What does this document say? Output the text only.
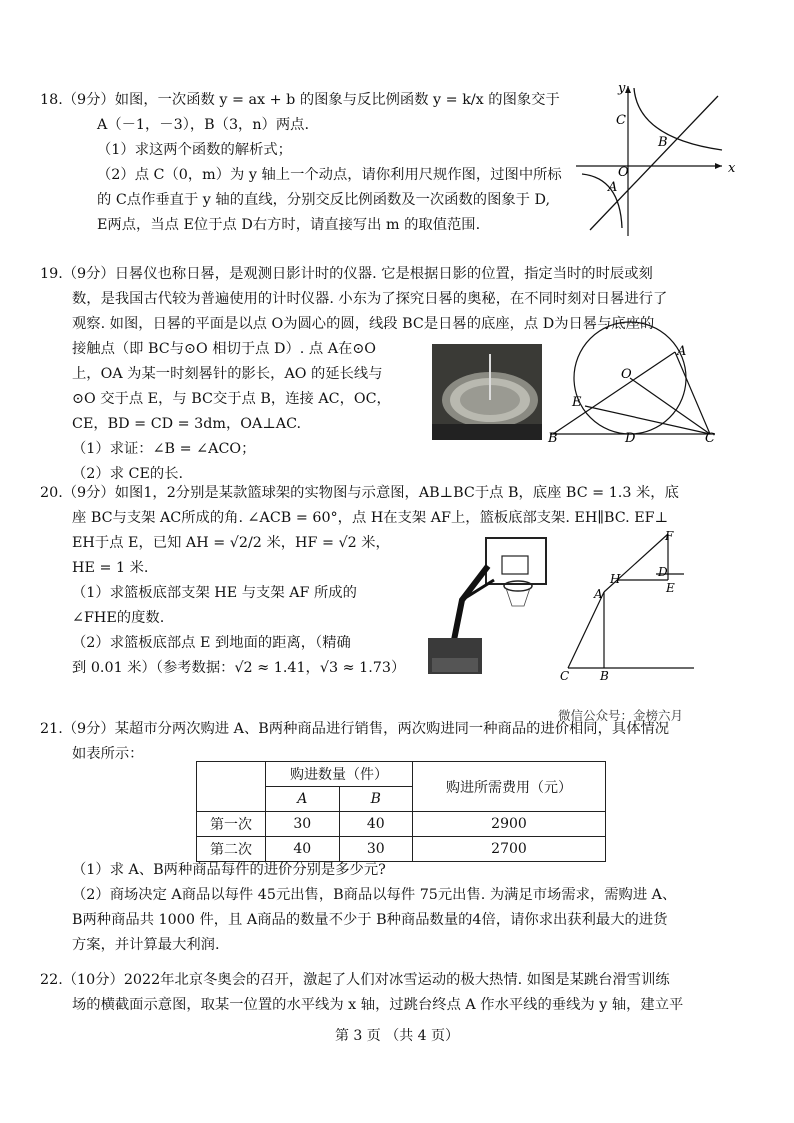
18.（9分）如图，一次函数 y = ax + b 的图象与反比例函数 y = k/x 的图象交于
A（－1，－3），B（3，n）两点.
（1）求这两个函数的解析式；
（2）点 C（0，m）为 y 轴上一个动点，请你利用尺规作图，过图中所标
的 C点作垂直于 y 轴的直线，分别交反比例函数及一次函数的图象于 D,
E两点，当点 E位于点 D右方时，请直接写出 m 的取值范围.
y
x
C
O
B
A
19.（9分）日晷仪也称日晷，是观测日影计时的仪器. 它是根据日影的位置，指定当时的时辰或刻
数，是我国古代较为普遍使用的计时仪器. 小东为了探究日晷的奥秘，在不同时刻对日晷进行了
观察. 如图，日晷的平面是以点 O为圆心的圆，线段 BC是日晷的底座，点 D为日晷与底座的
接触点（即 BC与⊙O 相切于点 D）. 点 A在⊙O
上，OA 为某一时刻晷针的影长，AO 的延长线与
⊙O 交于点 E，与 BC交于点 B，连接 AC，OC，
CE，BD = CD = 3dm，OA⊥AC.
（1）求证：∠B = ∠ACO；
（2）求 CE的长.
A
O
E
B	D	C
20.（9分）如图1，2分别是某款篮球架的实物图与示意图，AB⊥BC于点 B，底座 BC = 1.3 米，底
座 BC与支架 AC所成的角. ∠ACB = 60°，点 H在支架 AF上，篮板底部支架. EH∥BC. EF⊥
EH于点 E，已知 AH = √2/2 米，HF = √2 米，
HE = 1 米.
（1）求篮板底部支架 HE 与支架 AF 所成的
∠FHE的度数.
（2）求篮板底部点 E 到地面的距离，（精确
到 0.01 米）（参考数据：√2 ≈ 1.41，√3 ≈ 1.73）
F
H	D
A	E
C	B
微信公众号：金榜六月
21.（9分）某超市分两次购进 A、B两种商品进行销售，两次购进同一种商品的进价相同，具体情况
如表所示：
	购进数量（件）		购进所需费用（元）
	A	B	
第一次	30	40	2900
第二次	40	30	2700
（1）求 A、B两种商品每件的进价分别是多少元?
（2）商场决定 A商品以每件 45元出售，B商品以每件 75元出售. 为满足市场需求，需购进 A、
B两种商品共 1000 件，且 A商品的数量不少于 B种商品数量的4倍，请你求出获利最大的进货
方案，并计算最大利润.
22.（10分）2022年北京冬奥会的召开，激起了人们对冰雪运动的极大热情. 如图是某跳台滑雪训练
场的横截面示意图，取某一位置的水平线为 x 轴，过跳台终点 A 作水平线的垂线为 y 轴，建立平
第 3 页 （共 4 页）
